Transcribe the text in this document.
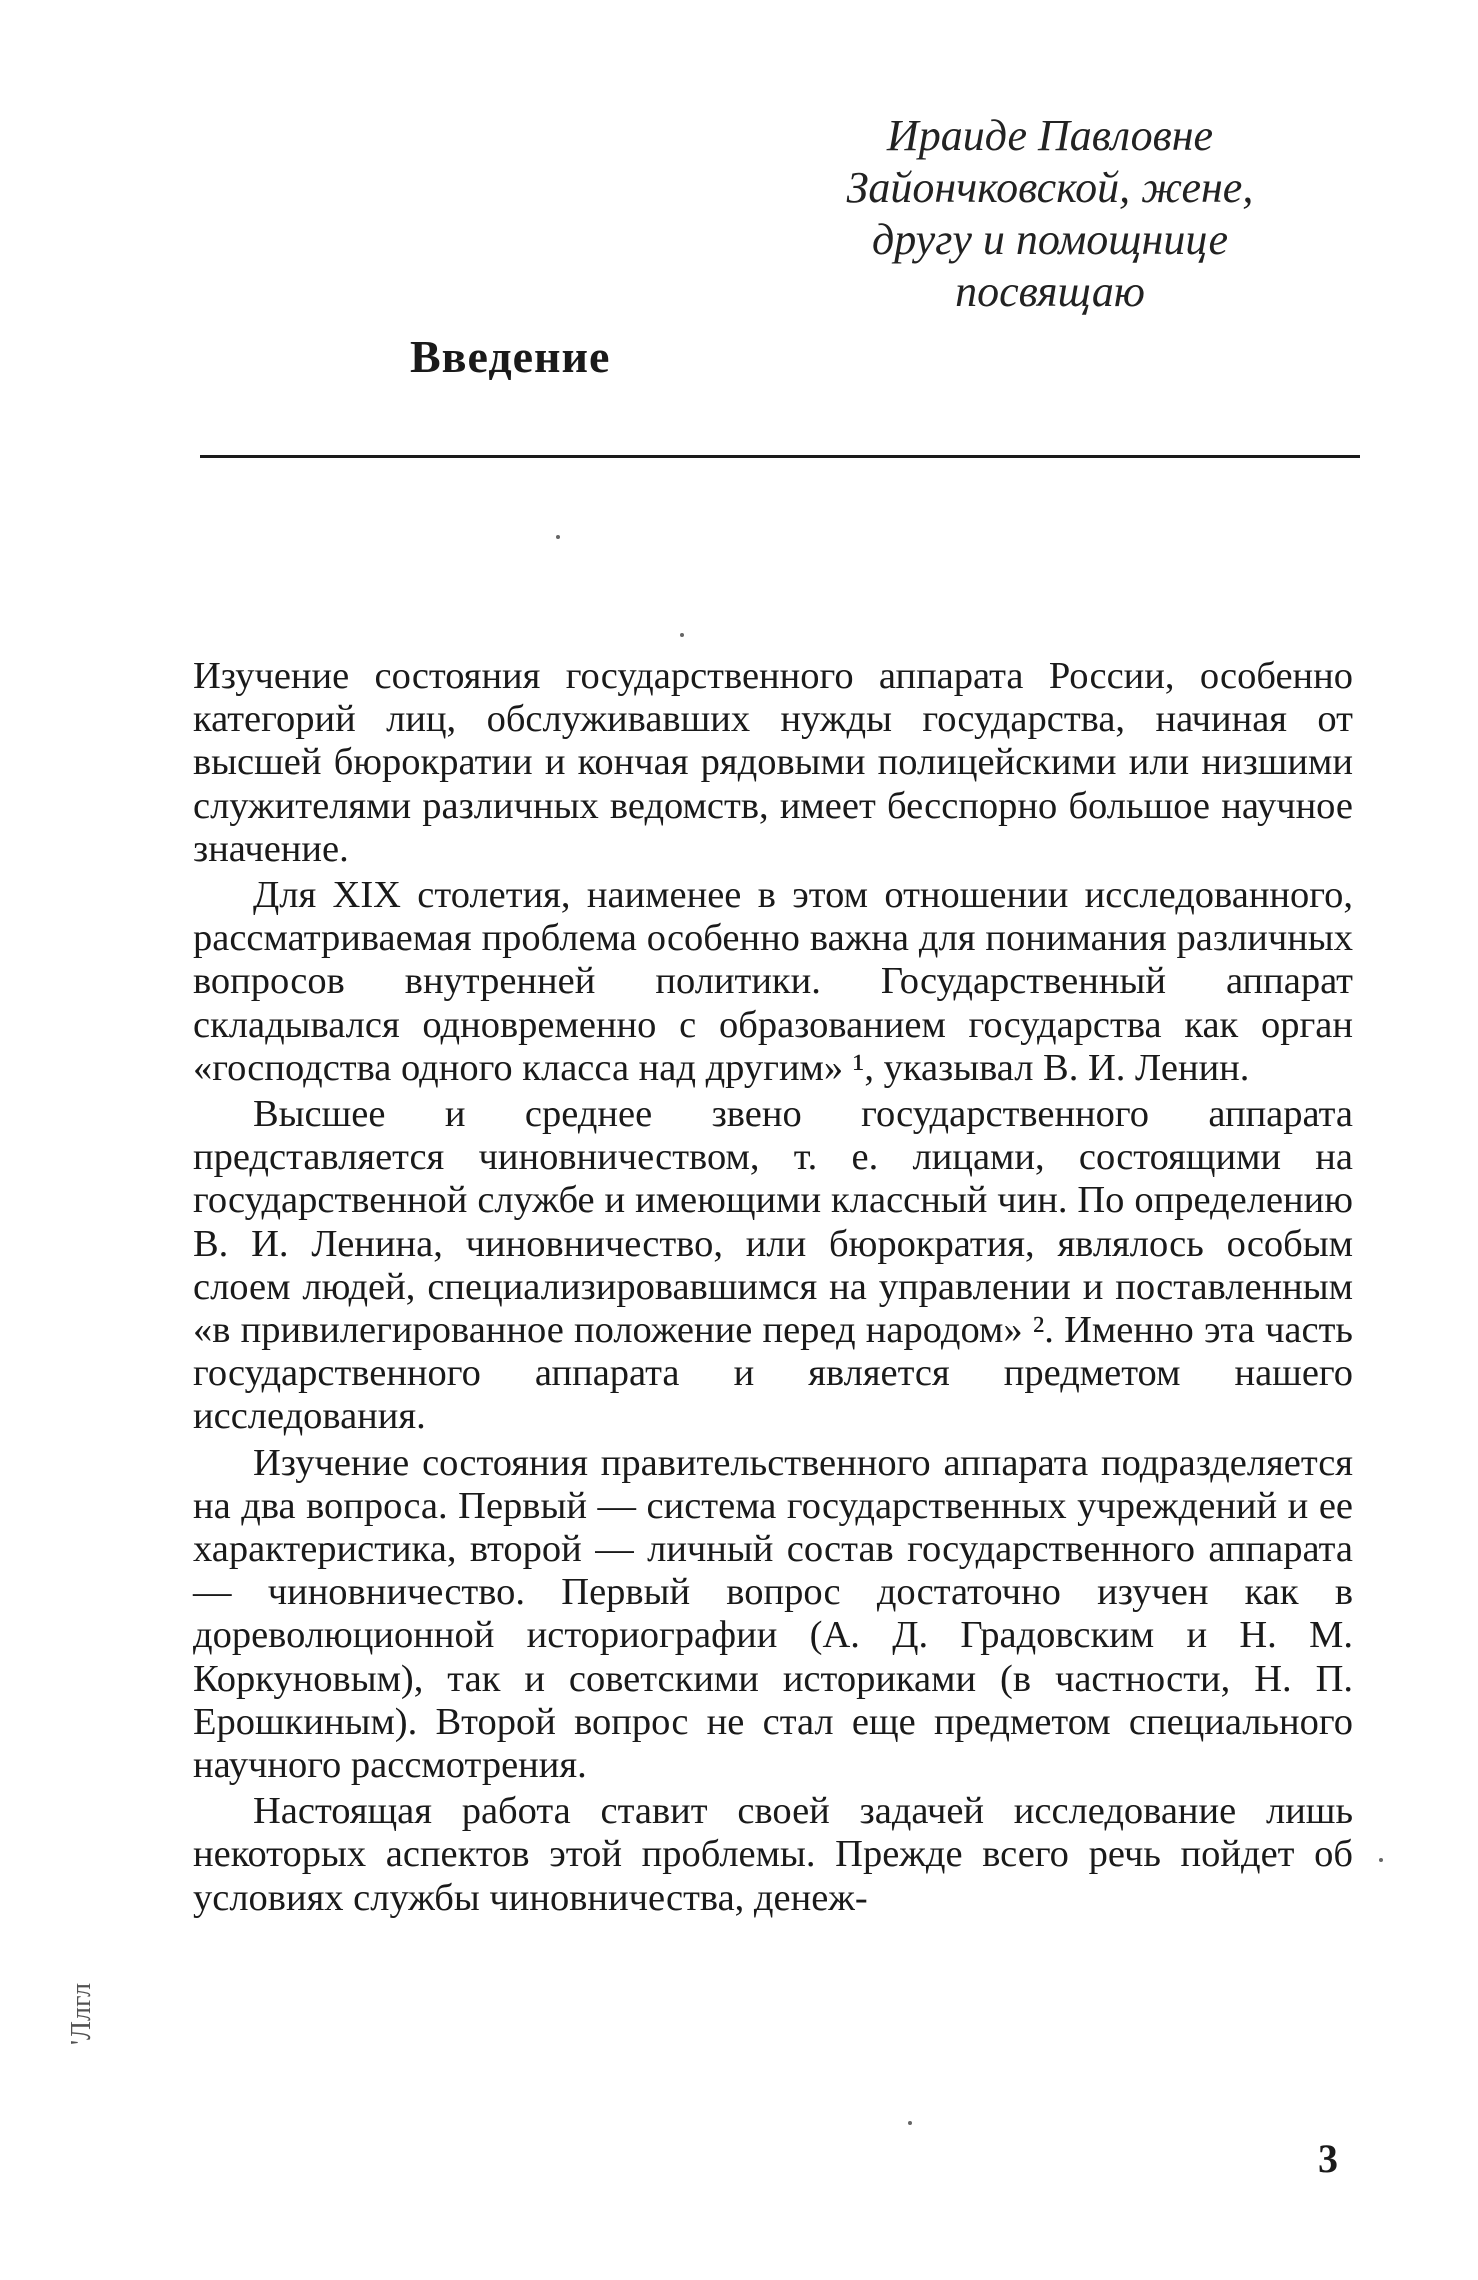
Ираиде Павловне
Зайончковской, жене,
другу и помощнице
посвящаю
Введение

Изучение состояния государственного аппарата России, особенно категорий лиц, обслуживавших нужды государства, начиная от высшей бюрократии и кончая рядовыми полицейскими или низшими служителями различных ведомств, имеет бесспорно большое научное значение.

Для XIX столетия, наименее в этом отношении исследованного, рассматриваемая проблема особенно важна для понимания различных вопросов внутренней политики. Государственный аппарат складывался одновременно с образованием государства как орган «господства одного класса над другим» ¹, указывал В. И. Ленин.

Высшее и среднее звено государственного аппарата представляется чиновничеством, т. е. лицами, состоящими на государственной службе и имеющими классный чин. По определению В. И. Ленина, чиновничество, или бюрократия, являлось особым слоем людей, специализировавшимся на управлении и поставленным «в привилегированное положение перед народом» ². Именно эта часть государственного аппарата и является предметом нашего исследования.

Изучение состояния правительственного аппарата подразделяется на два вопроса. Первый — система государственных учреждений и ее характеристика, второй — личный состав государственного аппарата — чиновничество. Первый вопрос достаточно изучен как в дореволюционной историографии (А. Д. Градовским и Н. М. Коркуновым), так и советскими историками (в частности, Н. П. Ерошкиным). Второй вопрос не стал еще предметом специального научного рассмотрения.

Настоящая работа ставит своей задачей исследование лишь некоторых аспектов этой проблемы. Прежде всего речь пойдет об условиях службы чиновничества, денеж-

'Ллгл
3
